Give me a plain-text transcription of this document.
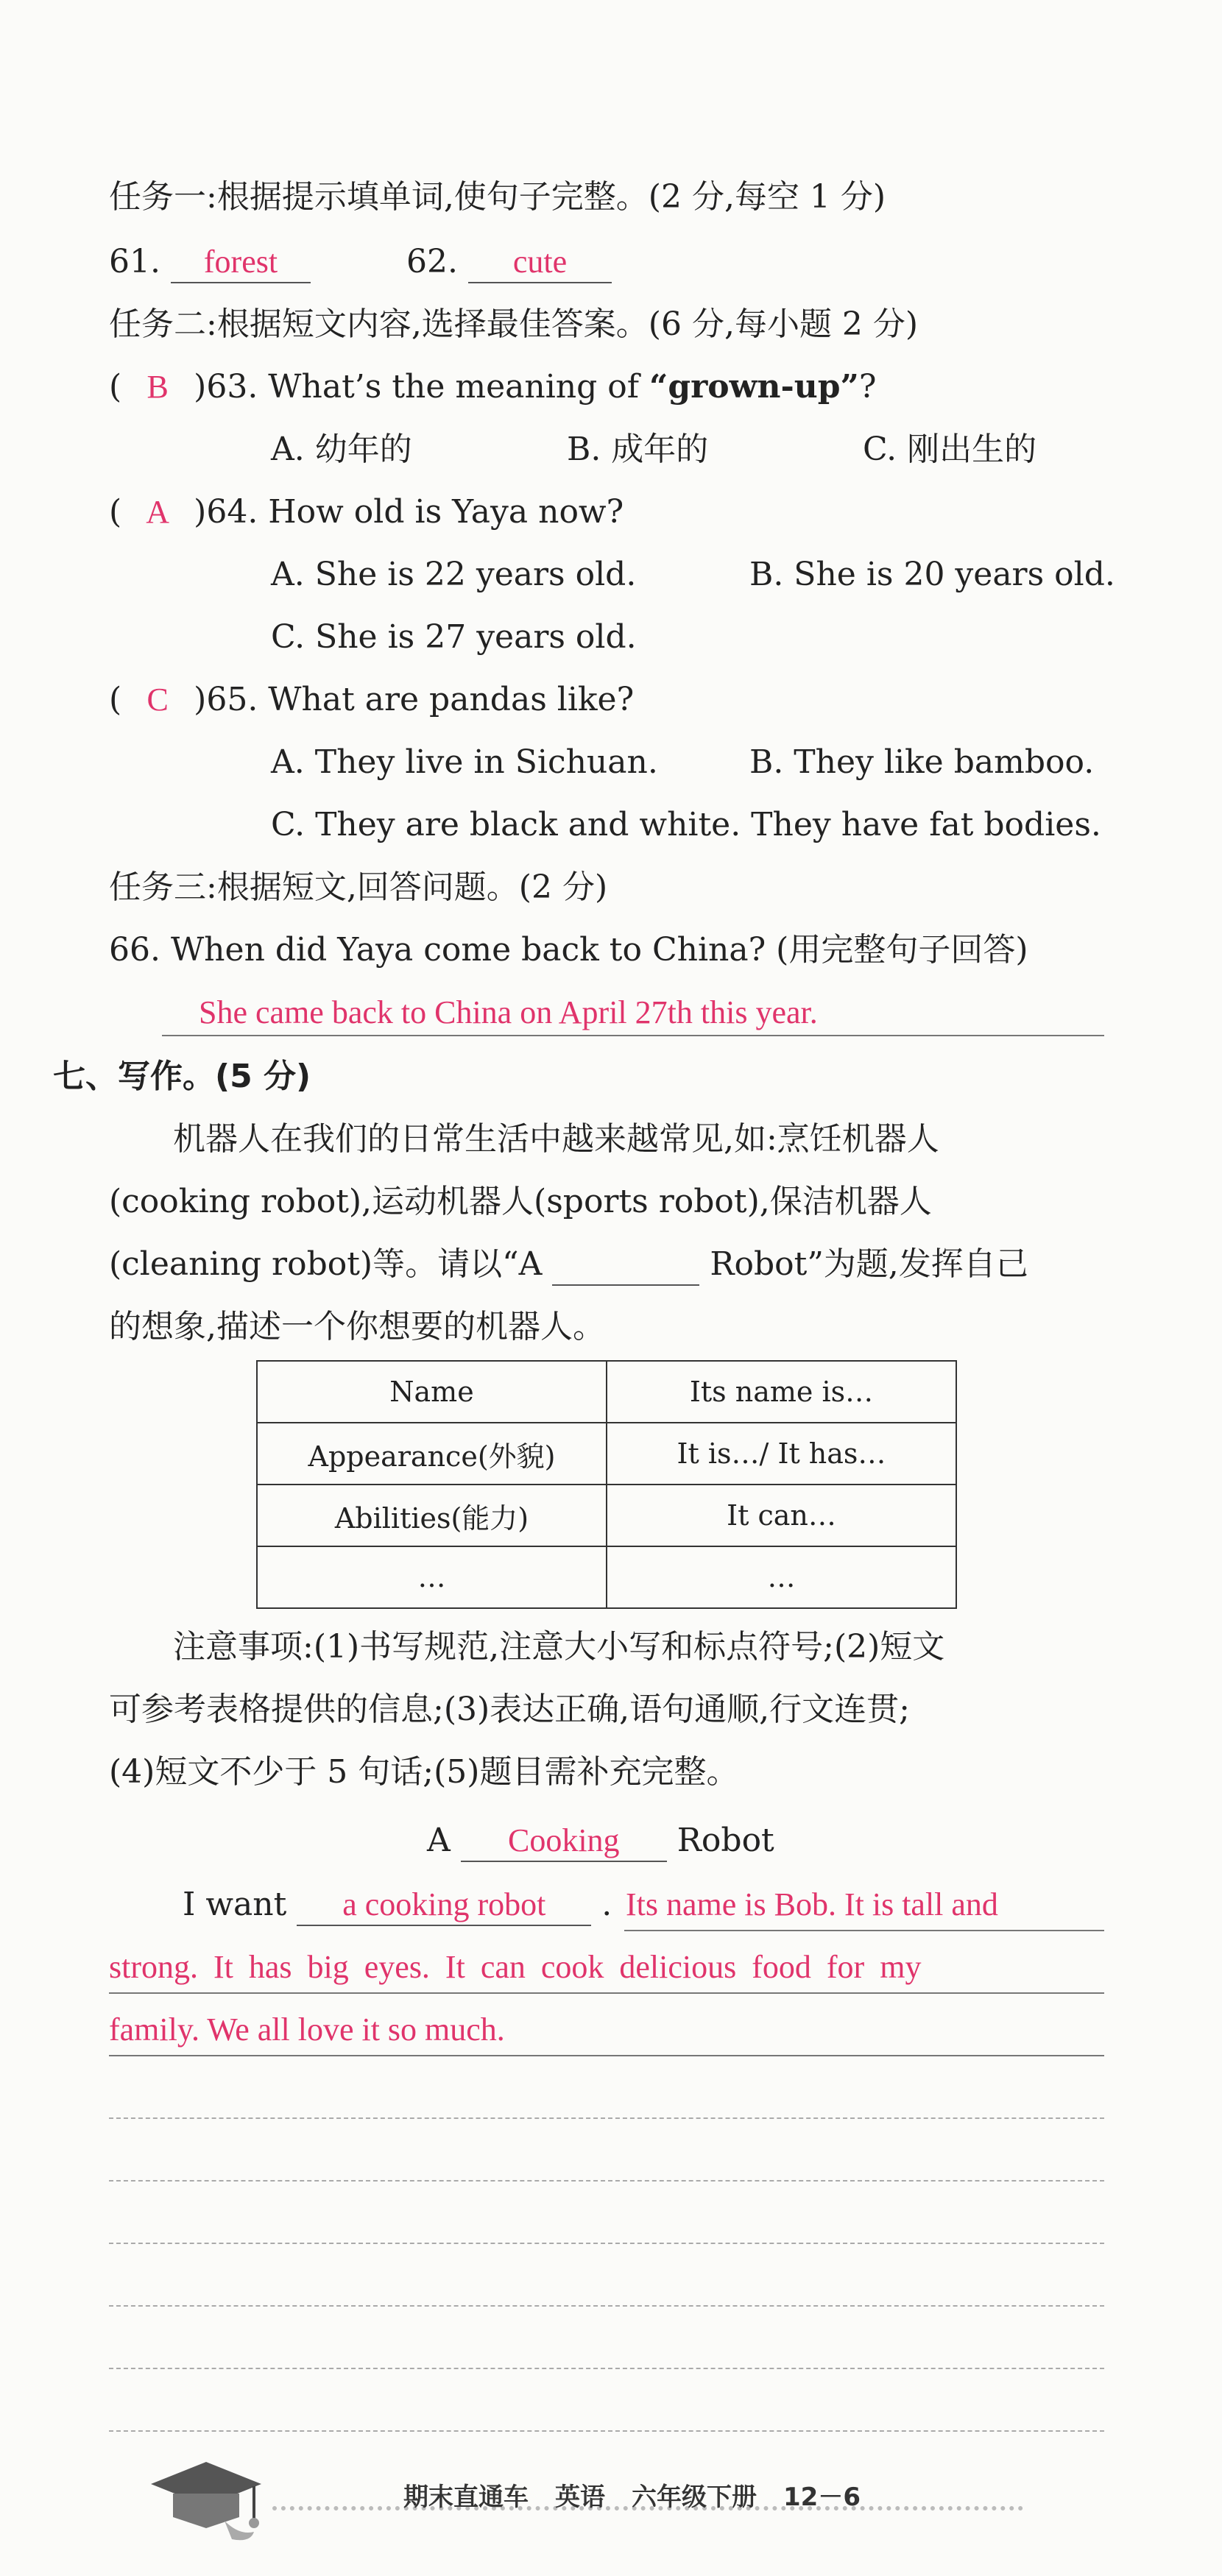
任务一:根据提示填单词,使句子完整。(2 分,每空 1 分)
61. forest	62. cute
任务二:根据短文内容,选择最佳答案。(6 分,每小题 2 分)
( B )63. What’s the meaning of “grown-up”?
A. 幼年的	B. 成年的	C. 刚出生的
( A )64. How old is Yaya now?
A. She is 22 years old.	B. She is 20 years old.
C. She is 27 years old.
( C )65. What are pandas like?
A. They live in Sichuan.	B. They like bamboo.
C. They are black and white. They have fat bodies.
任务三:根据短文,回答问题。(2 分)
66. When did Yaya come back to China? (用完整句子回答)
She came back to China on April 27th this year.
七、写作。(5 分)
机器人在我们的日常生活中越来越常见,如:烹饪机器人
(cooking robot),运动机器人(sports robot),保洁机器人
(cleaning robot)等。请以“A	Robot”为题,发挥自己
的想象,描述一个你想要的机器人。
Name	Its name is…
Appearance(外貌)	It is…/ It has…
Abilities(能力)	It can…
…	…
注意事项:(1)书写规范,注意大小写和标点符号;(2)短文
可参考表格提供的信息;(3)表达正确,语句通顺,行文连贯;
(4)短文不少于 5 句话;(5)题目需补充完整。
A Cooking Robot
I want a cooking robot . Its name is Bob. It is tall and
strong. It has big eyes. It can cook delicious food for my
family. We all love it so much.
期末直通车 英语 六年级下册 12－6
